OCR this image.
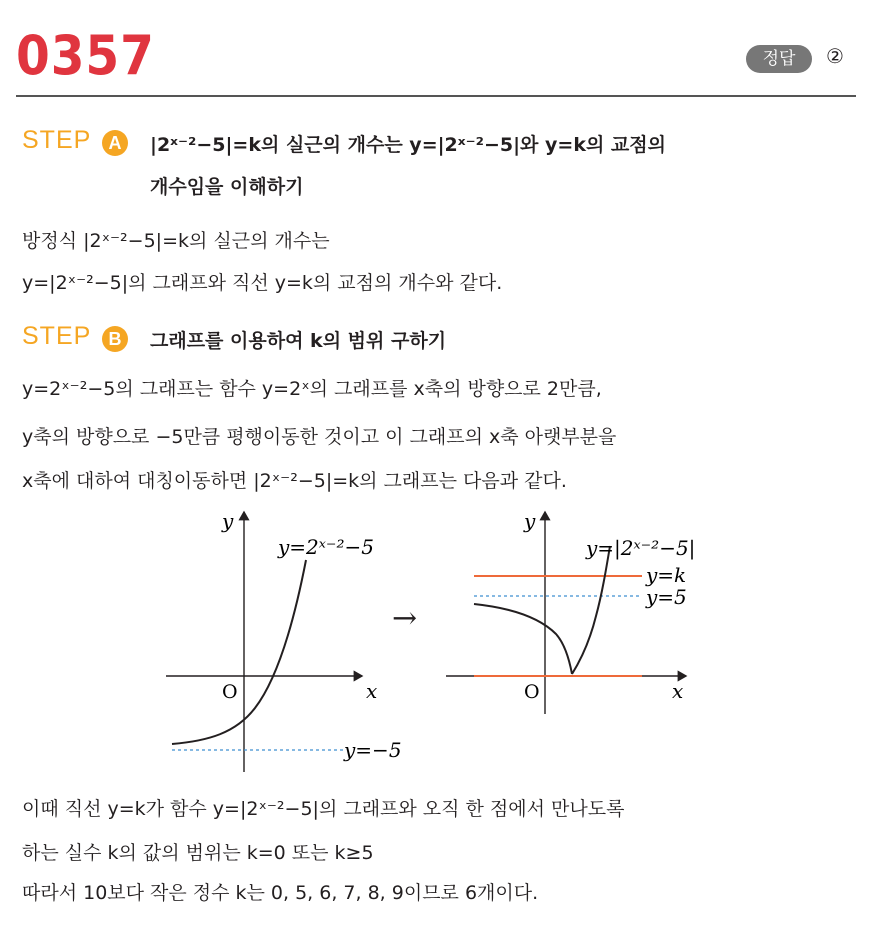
0357	정답	②
STEP A	|2ˣ⁻²−5|=k의 실근의 개수는 y=|2ˣ⁻²−5|와 y=k의 교점의
개수임을 이해하기
방정식 |2ˣ⁻²−5|=k의 실근의 개수는
y=|2ˣ⁻²−5|의 그래프와 직선 y=k의 교점의 개수와 같다.
STEP B	그래프를 이용하여 k의 범위 구하기
y=2ˣ⁻²−5의 그래프는 함수 y=2ˣ의 그래프를 x축의 방향으로 2만큼,
y축의 방향으로 −5만큼 평행이동한 것이고 이 그래프의 x축 아랫부분을
x축에 대하여 대칭이동하면 |2ˣ⁻²−5|=k의 그래프는 다음과 같다.
y
x
O
y=2ˣ⁻²−5
y=−5
→
y
x
O
y=|2ˣ⁻²−5|
y=k
y=5
이때 직선 y=k가 함수 y=|2ˣ⁻²−5|의 그래프와 오직 한 점에서 만나도록
하는 실수 k의 값의 범위는 k=0 또는 k≥5
따라서 10보다 작은 정수 k는 0, 5, 6, 7, 8, 9이므로 6개이다.
